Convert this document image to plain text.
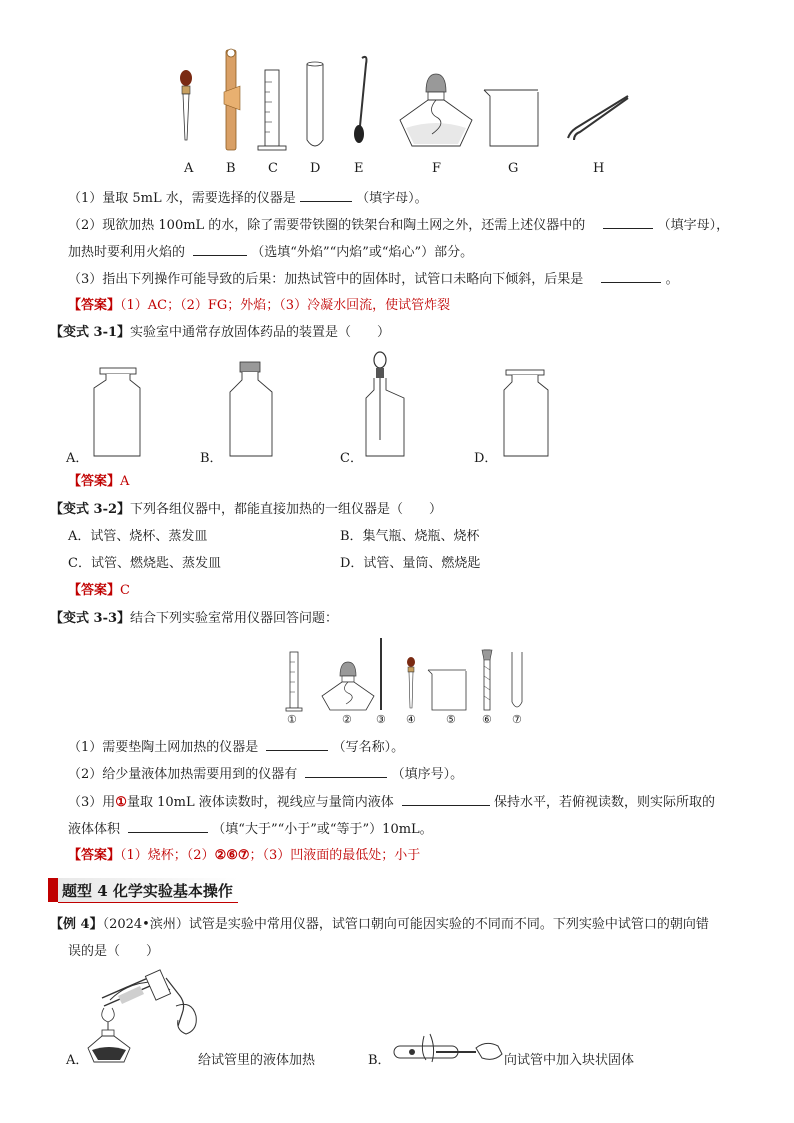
A	B C D	E	F	G	H
（1）量取 5mL 水，需要选择的仪器是	（填字母）。
（2）现欲加热 100mL 的水，除了需要带铁圈的铁架台和陶土网之外，还需上述仪器中的	（填字母），
加热时要利用火焰的	（选填“外焰”“内焰”或“焰心”）部分。
（3）指出下列操作可能导致的后果：加热试管中的固体时，试管口未略向下倾斜，后果是	。
【答案】（1）AC；（2）FG；外焰；（3）冷凝水回流，使试管炸裂
【变式 3-1】实验室中通常存放固体药品的装置是（　　）
A．	B．	C．	D．
【答案】A
【变式 3-2】下列各组仪器中，都能直接加热的一组仪器是（　　）
A．试管、烧杯、蒸发皿	B．集气瓶、烧瓶、烧杯
C．试管、燃烧匙、蒸发皿	D．试管、量筒、燃烧匙
【答案】C
【变式 3-3】结合下列实验室常用仪器回答问题：
①	② ③ ④	⑤ ⑥ ⑦
（1）需要垫陶土网加热的仪器是	（写名称）。
（2）给少量液体加热需要用到的仪器有	（填序号）。
（3）用①量取 10mL 液体读数时，视线应与量筒内液体	保持水平，若俯视读数，则实际所取的
液体体积	（填“大于”“小于”或“等于”）10mL。
【答案】（1）烧杯；（2）②⑥⑦；（3）凹液面的最低处；小于
题型 4 化学实验基本操作
【例 4】（2024•滨州）试管是实验中常用仪器，试管口朝向可能因实验的不同而不同。下列实验中试管口的朝向错
误的是（　　）
A．	给试管里的液体加热	B．	向试管中加入块状固体
